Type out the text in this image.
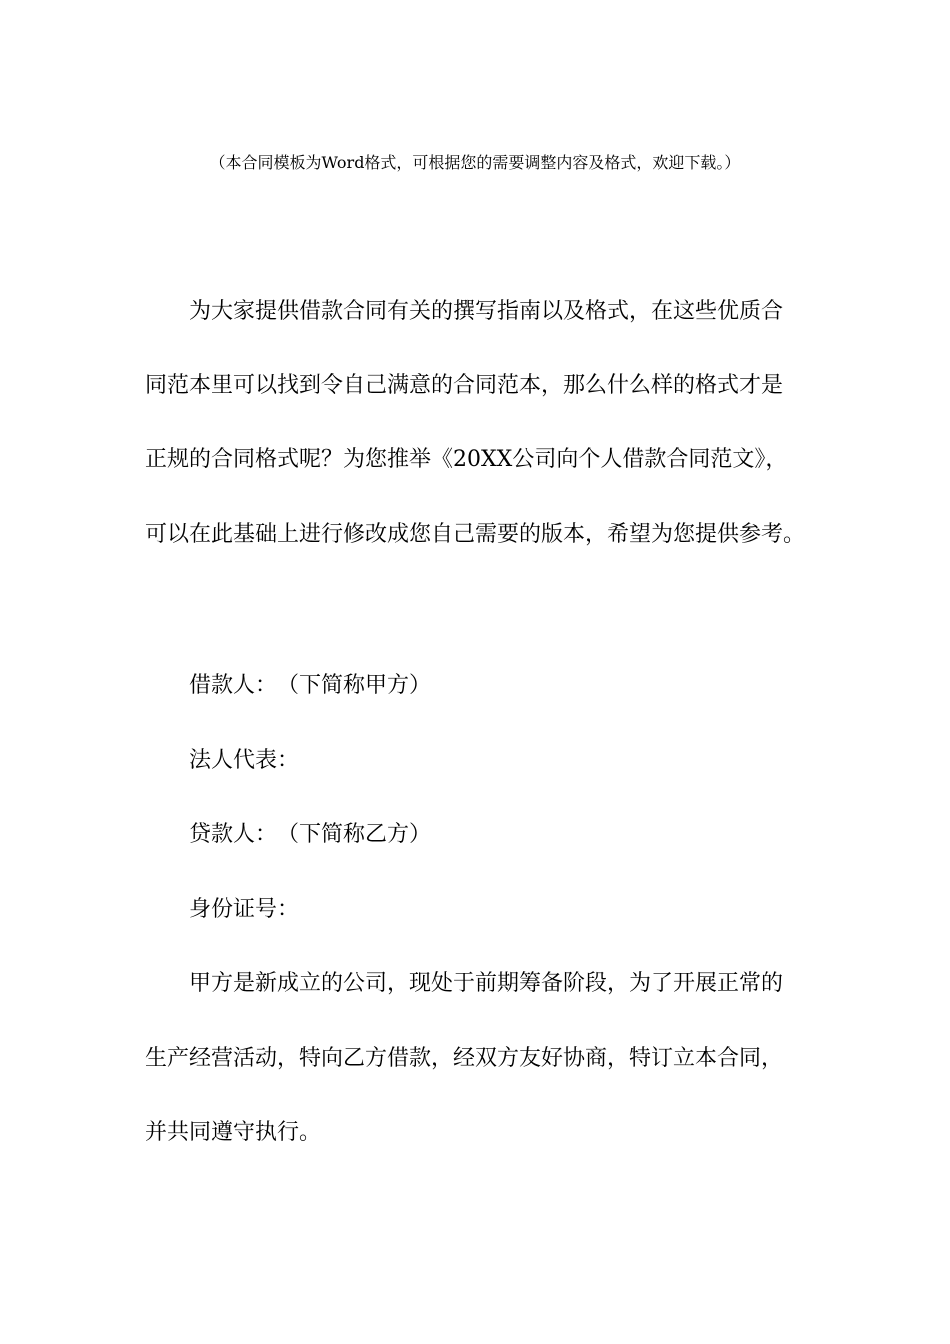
（本合同模板为Word格式，可根据您的需要调整内容及格式，欢迎下载。）
为大家提供借款合同有关的撰写指南以及格式，在这些优质合
同范本里可以找到令自己满意的合同范本，那么什么样的格式才是
正规的合同格式呢？为您推举《20XX公司向个人借款合同范文》，
可以在此基础上进行修改成您自己需要的版本，希望为您提供参考。
借款人：　（下简称甲方）
法人代表：
贷款人：　（下简称乙方）
身份证号：
甲方是新成立的公司，现处于前期筹备阶段，为了开展正常的
生产经营活动，特向乙方借款，经双方友好协商，特订立本合同，
并共同遵守执行。
